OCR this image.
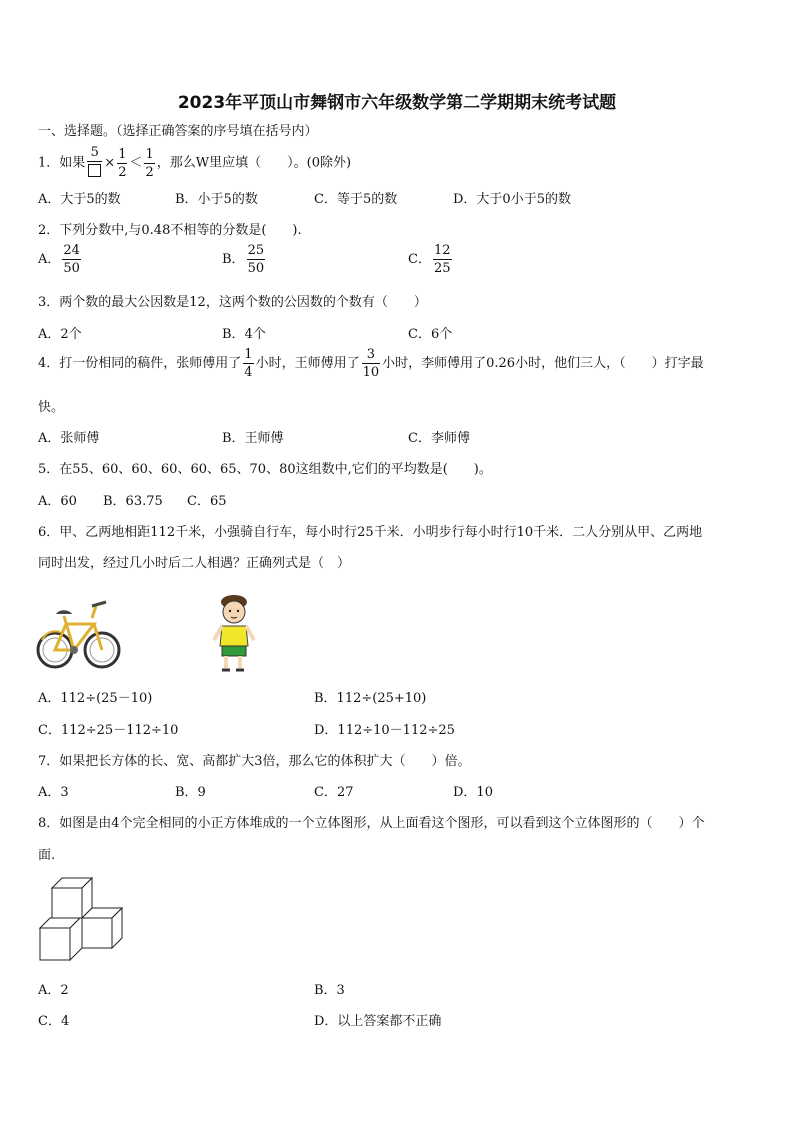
2023年平顶山市舞钢市六年级数学第二学期期末统考试题
一、选择题。（选择正确答案的序号填在括号内）
1．如果
5
× $\frac{1}{2} < \frac{1}{2}$ ，那么W里应填（　　）。(0除外)
A．大于5的数	B．小于5的数	C．等于5的数	D．大于0小于5的数
2．下列分数中,与0.48不相等的分数是(　　).
A． $\frac{24}{50}$	B． $\frac{25}{50}$	C． $\frac{12}{25}$
3．两个数的最大公因数是12，这两个数的公因数的个数有（　　）
A．2个	B．4个	C．6个
4．打一份相同的稿件，张师傅用了 $\frac{1}{4}$ 小时，王师傅用了 $\frac{3}{10}$ 小时，李师傅用了0.26小时，他们三人，（　　）打字最
快。
A．张师傅	B．王师傅	C．李师傅
5．在55、60、60、60、60、65、70、80这组数中,它们的平均数是(　　)。
A．60 B．63.75 C．65
6．甲、乙两地相距112千米，小强骑自行车，每小时行25千米．小明步行每小时行10千米．二人分别从甲、乙两地
同时出发，经过几小时后二人相遇？正确列式是（　）
A．112÷(25－10)	B．112÷(25+10)
C．112÷25－112÷10	D．112÷10－112÷25
7．如果把长方体的长、宽、高都扩大3倍，那么它的体积扩大（　　）倍。
A．3	B．9	C．27	D．10
8．如图是由4个完全相同的小正方体堆成的一个立体图形，从上面看这个图形，可以看到这个立体图形的（　　）个
面.
A．2	B．3
C．4	D．以上答案都不正确
